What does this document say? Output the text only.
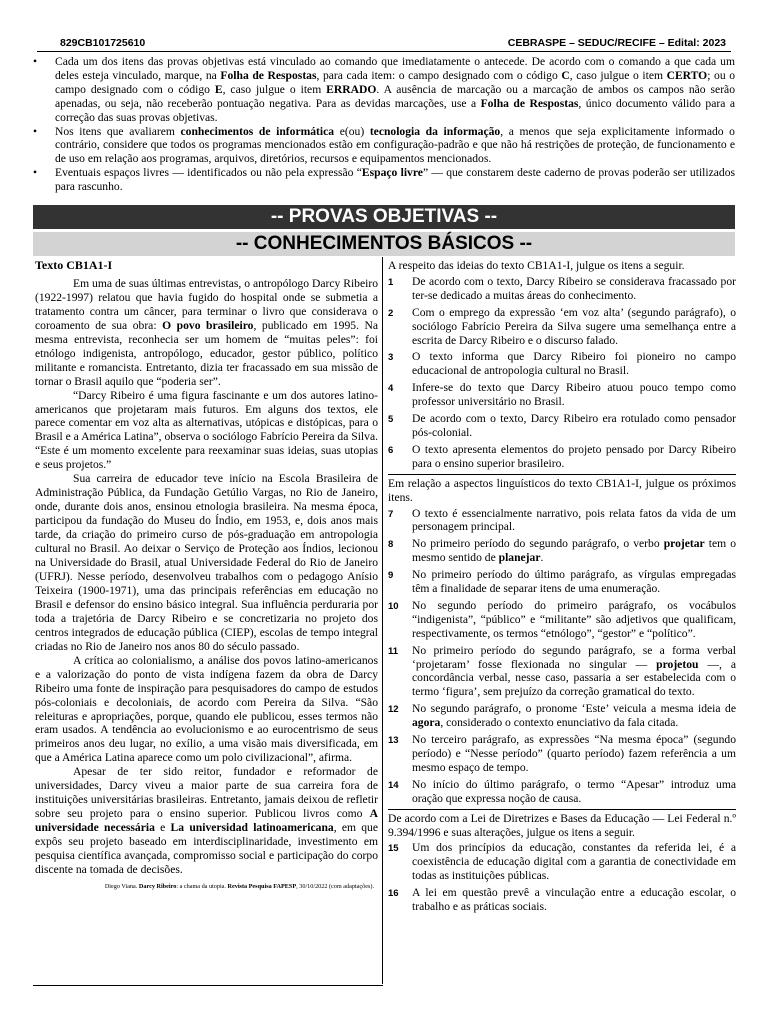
829CB101725610	CEBRASPE – SEDUC/RECIFE – Edital: 2023
• Cada um dos itens das provas objetivas está vinculado ao comando que imediatamente o antecede. De acordo com o comando a que cada um deles esteja vinculado, marque, na Folha de Respostas, para cada item: o campo designado com o código C, caso julgue o item CERTO; ou o campo designado com o código E, caso julgue o item ERRADO. A ausência de marcação ou a marcação de ambos os campos não serão apenadas, ou seja, não receberão pontuação negativa. Para as devidas marcações, use a Folha de Respostas, único documento válido para a correção das suas provas objetivas.
• Nos itens que avaliarem conhecimentos de informática e(ou) tecnologia da informação, a menos que seja explicitamente informado o contrário, considere que todos os programas mencionados estão em configuração-padrão e que não há restrições de proteção, de funcionamento e de uso em relação aos programas, arquivos, diretórios, recursos e equipamentos mencionados.
• Eventuais espaços livres — identificados ou não pela expressão “Espaço livre” — que constarem deste caderno de provas poderão ser utilizados para rascunho.
-- PROVAS OBJETIVAS --
-- CONHECIMENTOS BÁSICOS --
Texto CB1A1-I

Em uma de suas últimas entrevistas, o antropólogo Darcy Ribeiro (1922-1997) relatou que havia fugido do hospital onde se submetia a tratamento contra um câncer, para terminar o livro que considerava o coroamento de sua obra: O povo brasileiro, publicado em 1995. Na mesma entrevista, reconhecia ser um homem de “muitas peles”: foi etnólogo indigenista, antropólogo, educador, gestor público, político militante e romancista. Entretanto, dizia ter fracassado em sua missão de tornar o Brasil aquilo que “poderia ser”.

“Darcy Ribeiro é uma figura fascinante e um dos autores latino-americanos que projetaram mais futuros. Em alguns dos textos, ele parece comentar em voz alta as alternativas, utópicas e distópicas, para o Brasil e a América Latina”, observa o sociólogo Fabrício Pereira da Silva. “Este é um momento excelente para reexaminar suas ideias, suas utopias e seus projetos.”

Sua carreira de educador teve início na Escola Brasileira de Administração Pública, da Fundação Getúlio Vargas, no Rio de Janeiro, onde, durante dois anos, ensinou etnologia brasileira. Na mesma época, participou da fundação do Museu do Índio, em 1953, e, dois anos mais tarde, da criação do primeiro curso de pós-graduação em antropologia cultural no Brasil. Ao deixar o Serviço de Proteção aos Índios, lecionou na Universidade do Brasil, atual Universidade Federal do Rio de Janeiro (UFRJ). Nesse período, desenvolveu trabalhos com o pedagogo Anísio Teixeira (1900-1971), uma das principais referências em educação no Brasil e defensor do ensino básico integral. Sua influência perduraria por toda a trajetória de Darcy Ribeiro e se concretizaria no projeto dos centros integrados de educação pública (CIEP), escolas de tempo integral criadas no Rio de Janeiro nos anos 80 do século passado.

A crítica ao colonialismo, a análise dos povos latino-americanos e a valorização do ponto de vista indígena fazem da obra de Darcy Ribeiro uma fonte de inspiração para pesquisadores do campo de estudos pós-coloniais e decoloniais, de acordo com Pereira da Silva. “São releituras e apropriações, porque, quando ele publicou, esses termos não eram usados. A tendência ao evolucionismo e ao eurocentrismo de seus primeiros anos deu lugar, no exílio, a uma visão mais diversificada, em que a América Latina aparece como um polo civilizacional”, afirma.

Apesar de ter sido reitor, fundador e reformador de universidades, Darcy viveu a maior parte de sua carreira fora de instituições universitárias brasileiras. Entretanto, jamais deixou de refletir sobre seu projeto para o ensino superior. Publicou livros como A universidade necessária e La universidad latinoamericana, em que expôs seu projeto baseado em interdisciplinaridade, investimento em pesquisa científica avançada, compromisso social e participação do corpo discente na tomada de decisões.

Diego Viana. Darcy Ribeiro: a chama da utopia. Revista Pesquisa FAPESP, 30/10/2022 (com adaptações).
A respeito das ideias do texto CB1A1-I, julgue os itens a seguir.
1 De acordo com o texto, Darcy Ribeiro se considerava fracassado por ter-se dedicado a muitas áreas do conhecimento.
2 Com o emprego da expressão ‘em voz alta’ (segundo parágrafo), o sociólogo Fabrício Pereira da Silva sugere uma semelhança entre a escrita de Darcy Ribeiro e o discurso falado.
3 O texto informa que Darcy Ribeiro foi pioneiro no campo educacional de antropologia cultural no Brasil.
4 Infere-se do texto que Darcy Ribeiro atuou pouco tempo como professor universitário no Brasil.
5 De acordo com o texto, Darcy Ribeiro era rotulado como pensador pós-colonial.
6 O texto apresenta elementos do projeto pensado por Darcy Ribeiro para o ensino superior brasileiro.
Em relação a aspectos linguísticos do texto CB1A1-I, julgue os próximos itens.
7 O texto é essencialmente narrativo, pois relata fatos da vida de um personagem principal.
8 No primeiro período do segundo parágrafo, o verbo projetar tem o mesmo sentido de planejar.
9 No primeiro período do último parágrafo, as vírgulas empregadas têm a finalidade de separar itens de uma enumeração.
10 No segundo período do primeiro parágrafo, os vocábulos “indigenista”, “público” e “militante” são adjetivos que qualificam, respectivamente, os termos “etnólogo”, “gestor” e “político”.
11 No primeiro período do segundo parágrafo, se a forma verbal ‘projetaram’ fosse flexionada no singular — projetou —, a concordância verbal, nesse caso, passaria a ser estabelecida com o termo ‘figura’, sem prejuízo da correção gramatical do texto.
12 No segundo parágrafo, o pronome ‘Este’ veicula a mesma ideia de agora, considerado o contexto enunciativo da fala citada.
13 No terceiro parágrafo, as expressões “Na mesma época” (segundo período) e “Nesse período” (quarto período) fazem referência a um mesmo espaço de tempo.
14 No início do último parágrafo, o termo “Apesar” introduz uma oração que expressa noção de causa.
De acordo com a Lei de Diretrizes e Bases da Educação — Lei Federal n.º 9.394/1996 e suas alterações, julgue os itens a seguir.
15 Um dos princípios da educação, constantes da referida lei, é a coexistência de educação digital com a garantia de conectividade em todas as instituições públicas.
16 A lei em questão prevê a vinculação entre a educação escolar, o trabalho e as práticas sociais.
